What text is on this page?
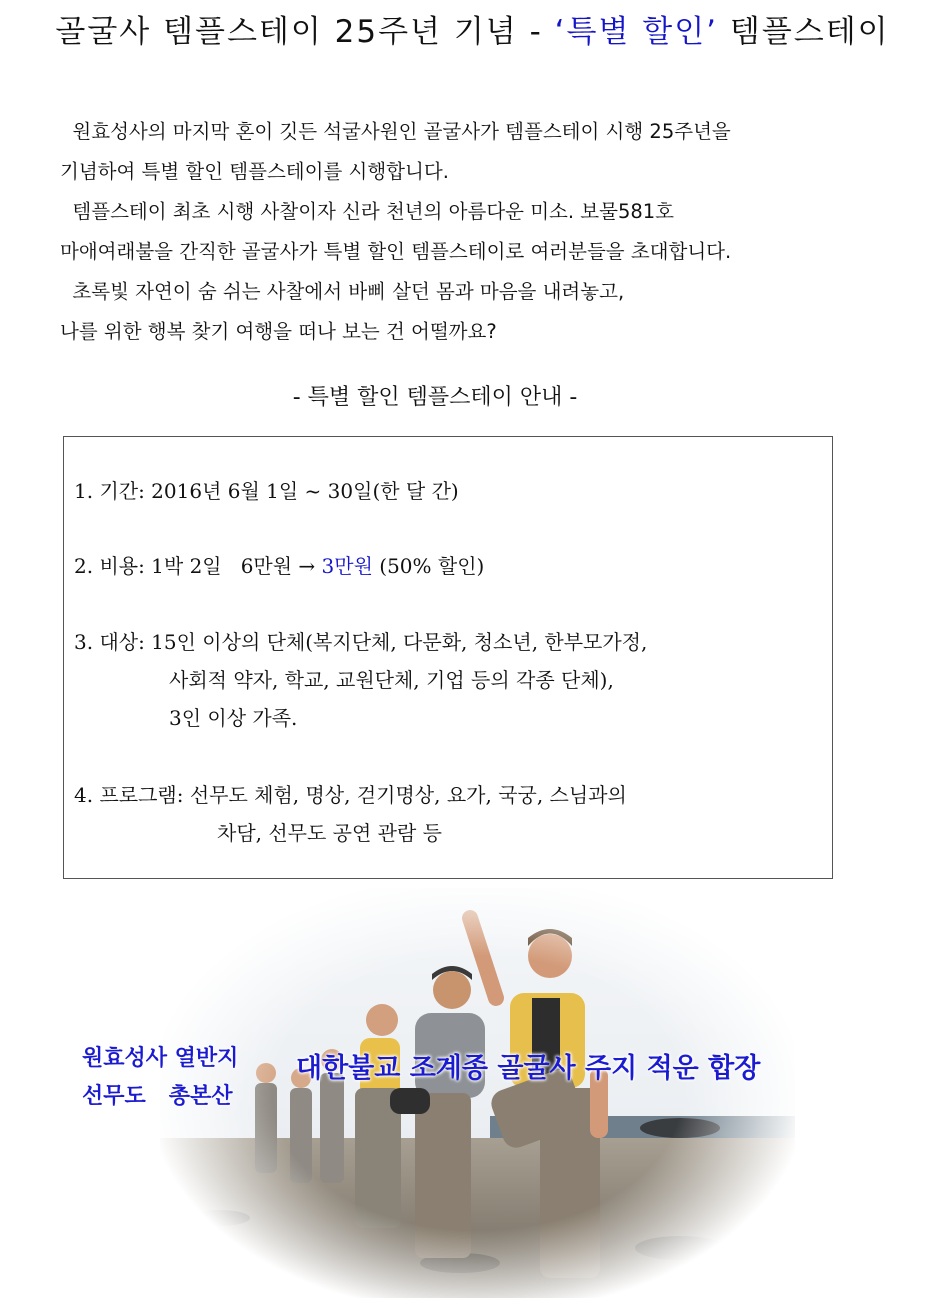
골굴사 템플스테이 25주년 기념 - ‘특별 할인’ 템플스테이
원효성사의 마지막 혼이 깃든 석굴사원인 골굴사가 템플스테이 시행 25주년을
기념하여 특별 할인 템플스테이를 시행합니다.
템플스테이 최초 시행 사찰이자 신라 천년의 아름다운 미소. 보물581호
마애여래불을 간직한 골굴사가 특별 할인 템플스테이로 여러분들을 초대합니다.
초록빛 자연이 숨 쉬는 사찰에서 바삐 살던 몸과 마음을 내려놓고,
나를 위한 행복 찾기 여행을 떠나 보는 건 어떨까요?
- 특별 할인 템플스테이 안내 -
1. 기간: 2016년 6월 1일 ~ 30일(한 달 간)
2. 비용: 1박 2일   6만원 → 3만원 (50% 할인)
3. 대상: 15인 이상의 단체(복지단체, 다문화, 청소년, 한부모가정,
사회적 약자, 학교, 교원단체, 기업 등의 각종 단체),
3인 이상 가족.
4. 프로그램: 선무도 체험, 명상, 걷기명상, 요가, 국궁, 스님과의
차담, 선무도 공연 관람 등
원효성사 열반지
선무도   총본산
대한불교 조계종 골굴사 주지 적운 합장
